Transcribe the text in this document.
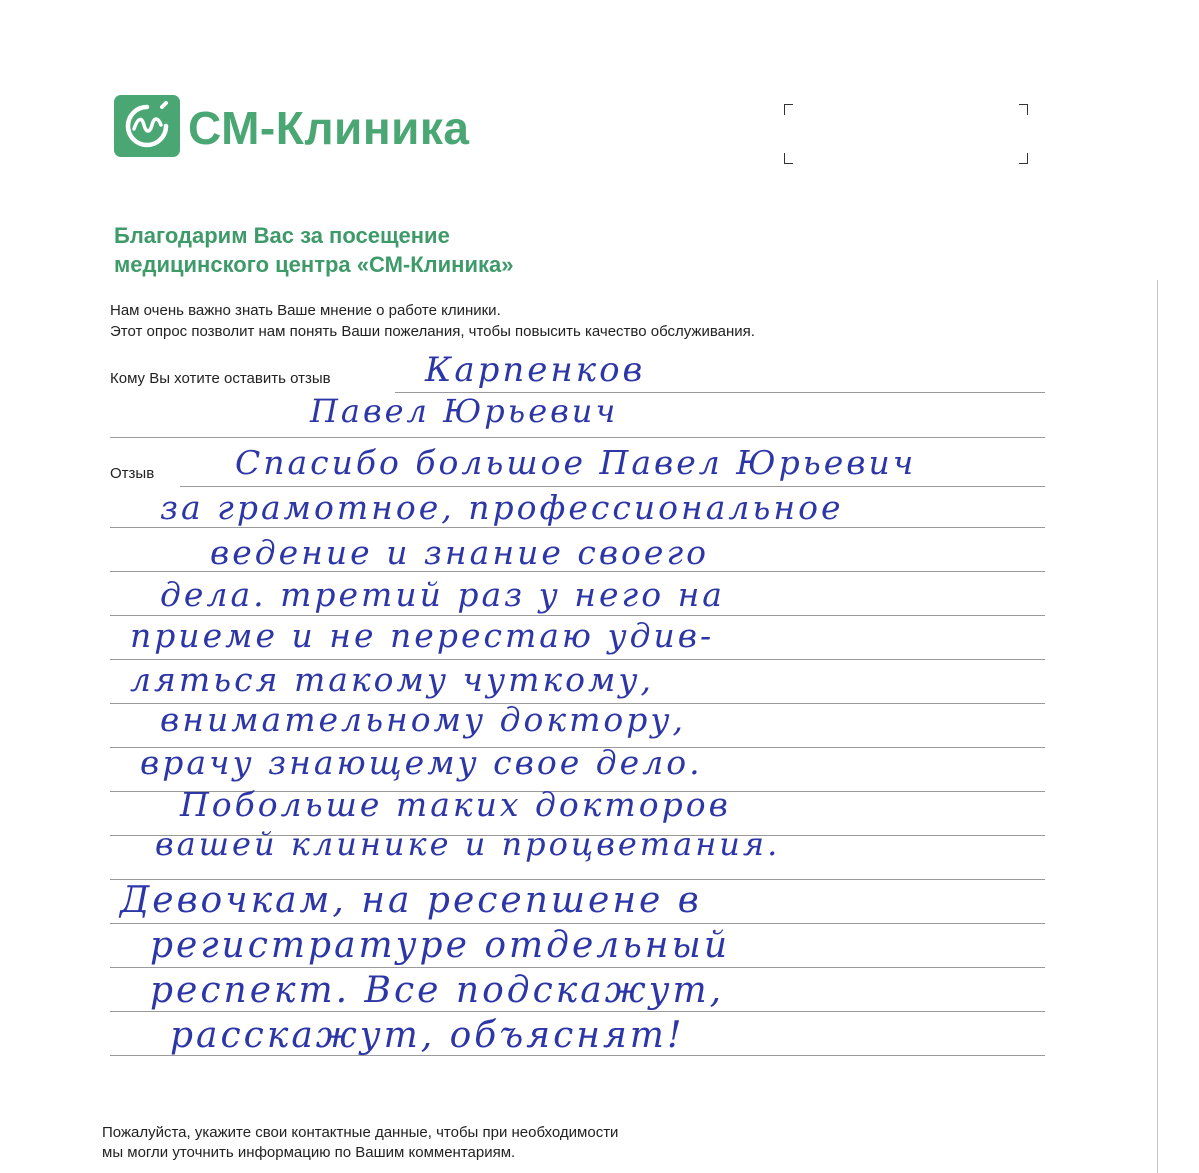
СМ-Клиника
Благодарим Вас за посещение
медицинского центра «СМ-Клиника»
Нам очень важно знать Ваше мнение о работе клиники.
Этот опрос позволит нам понять Ваши пожелания, чтобы повысить качество обслуживания.
Кому Вы хотите оставить отзыв
Отзыв
Карпенков
Павел Юрьевич
Спасибо большое Павел Юрьевич
за грамотное, профессиональное
ведение и знание своего
дела. третий раз у него на
приеме и не перестаю удив-
ляться такому чуткому,
внимательному доктору,
врачу знающему свое дело.
Побольше таких докторов
вашей клинике и процветания.
Девочкам, на ресепшене в
регистратуре отдельный
респект. Все подскажут,
расскажут, объяснят!
Пожалуйста, укажите свои контактные данные, чтобы при необходимости
мы могли уточнить информацию по Вашим комментариям.
